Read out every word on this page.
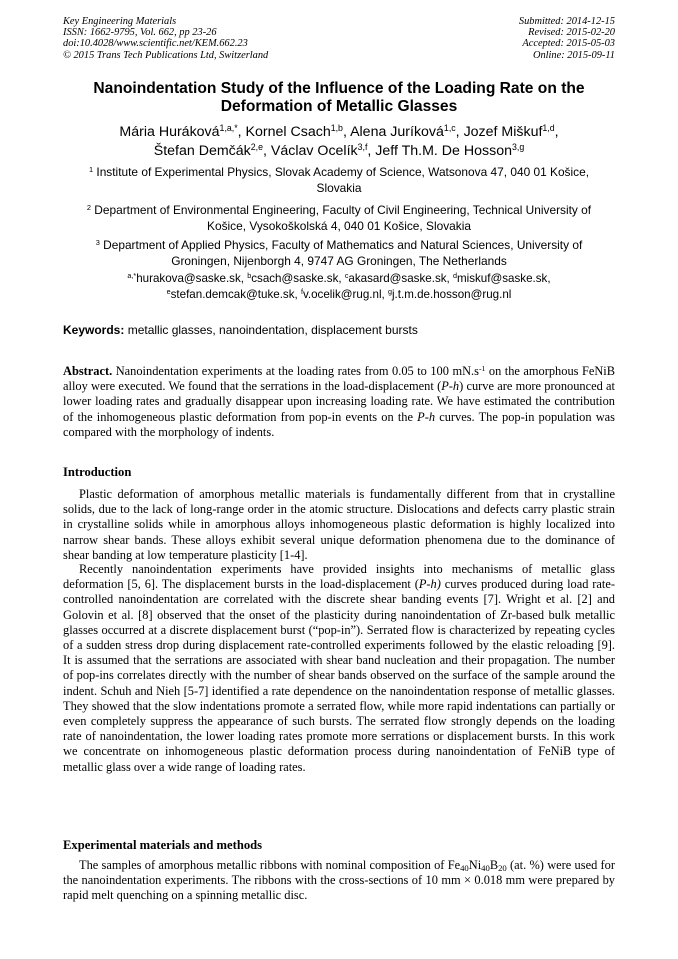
Key Engineering Materials
ISSN: 1662-9795, Vol. 662, pp 23-26
doi:10.4028/www.scientific.net/KEM.662.23
© 2015 Trans Tech Publications Ltd, Switzerland
Submitted: 2014-12-15
Revised: 2015-02-20
Accepted: 2015-05-03
Online: 2015-09-11
Nanoindentation Study of the Influence of the Loading Rate on the Deformation of Metallic Glasses
Mária Huráková$^{1,a,*}$, Kornel Csach$^{1,b}$, Alena Juríková$^{1,c}$, Jozef Miškuf$^{1,d}$,
Štefan Demčák$^{2,e}$, Václav Ocelík$^{3,f}$, Jeff Th.M. De Hosson$^{3,g}$
$^1$ Institute of Experimental Physics, Slovak Academy of Science, Watsonova 47, 040 01 Košice, Slovakia
$^2$ Department of Environmental Engineering, Faculty of Civil Engineering, Technical University of Košice, Vysokoškolská 4, 040 01 Košice, Slovakia
$^3$ Department of Applied Physics, Faculty of Mathematics and Natural Sciences, University of Groningen, Nijenborgh 4, 9747 AG Groningen, The Netherlands
$^{a,*}$hurakova@saske.sk, $^b$csach@saske.sk, $^c$akasard@saske.sk, $^d$miskuf@saske.sk,
$^e$stefan.demcak@tuke.sk, $^f$v.ocelik@rug.nl, $^g$j.t.m.de.hosson@rug.nl
Keywords: metallic glasses, nanoindentation, displacement bursts
Abstract. Nanoindentation experiments at the loading rates from 0.05 to 100 $mN.s^{-1}$ on the amorphous FeNiB alloy were executed. We found that the serrations in the load-displacement (P-h) curve are more pronounced at lower loading rates and gradually disappear upon increasing loading rate. We have estimated the contribution of the inhomogeneous plastic deformation from pop-in events on the P-h curves. The pop-in population was compared with the morphology of indents.
Introduction
Plastic deformation of amorphous metallic materials is fundamentally different from that in crystalline solids, due to the lack of long-range order in the atomic structure. Dislocations and defects carry plastic strain in crystalline solids while in amorphous alloys inhomogeneous plastic deformation is highly localized into narrow shear bands. These alloys exhibit several unique deformation phenomena due to the dominance of shear banding at low temperature plasticity [1-4].
Recently nanoindentation experiments have provided insights into mechanisms of metallic glass deformation [5, 6]. The displacement bursts in the load-displacement (P-h) curves produced during load rate-controlled nanoindentation are correlated with the discrete shear banding events [7]. Wright et al. [2] and Golovin et al. [8] observed that the onset of the plasticity during nanoindentation of Zr-based bulk metallic glasses occurred at a discrete displacement burst (“pop-in”). Serrated flow is characterized by repeating cycles of a sudden stress drop during displacement rate-controlled experiments followed by the elastic reloading [9]. It is assumed that the serrations are associated with shear band nucleation and their propagation. The number of pop-ins correlates directly with the number of shear bands observed on the surface of the sample around the indent. Schuh and Nieh [5-7] identified a rate dependence on the nanoindentation response of metallic glasses. They showed that the slow indentations promote a serrated flow, while more rapid indentations can partially or even completely suppress the appearance of such bursts. The serrated flow strongly depends on the loading rate of nanoindentation, the lower loading rates promote more serrations or displacement bursts. In this work we concentrate on inhomogeneous plastic deformation process during nanoindentation of FeNiB type of metallic glass over a wide range of loading rates.
Experimental materials and methods
The samples of amorphous metallic ribbons with nominal composition of $Fe_{40}Ni_{40}B_{20}$ (at. %) were used for the nanoindentation experiments. The ribbons with the cross-sections of 10 mm × 0.018 mm were prepared by rapid melt quenching on a spinning metallic disc.
